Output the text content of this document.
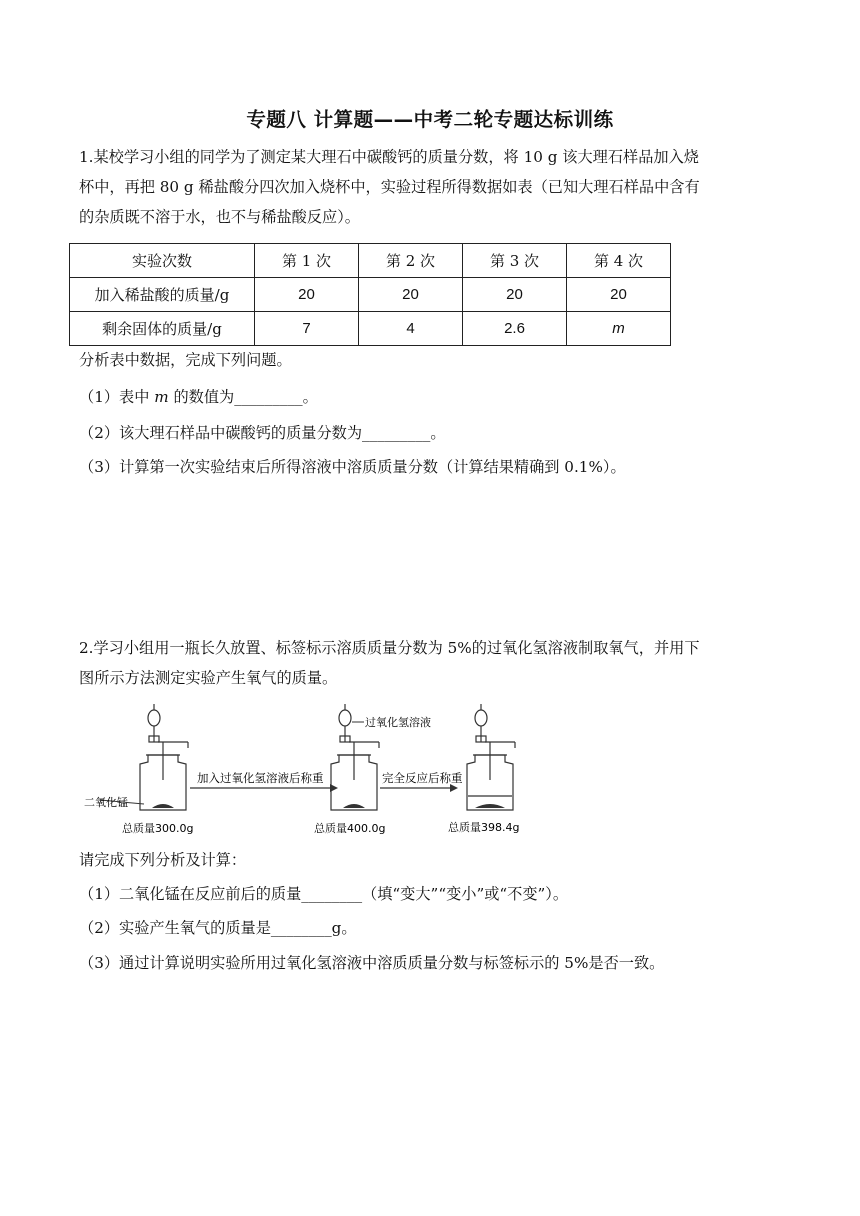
专题八 计算题——中考二轮专题达标训练
1.某校学习小组的同学为了测定某大理石中碳酸钙的质量分数，将 10 g 该大理石样品加入烧
杯中，再把 80 g 稀盐酸分四次加入烧杯中，实验过程所得数据如表（已知大理石样品中含有
的杂质既不溶于水，也不与稀盐酸反应）。
实验次数	第 1 次	第 2 次	第 3 次	第 4 次
加入稀盐酸的质量/g	20	20	20	20
剩余固体的质量/g	7	4	2.6	m
分析表中数据，完成下列问题。
（1）表中 m 的数值为_________。
（2）该大理石样品中碳酸钙的质量分数为_________。
（3）计算第一次实验结束后所得溶液中溶质质量分数（计算结果精确到 0.1%）。
2.学习小组用一瓶长久放置、标签标示溶质质量分数为 5%的过氧化氢溶液制取氧气，并用下
图所示方法测定实验产生氧气的质量。
二氧化锰
加入过氧化氢溶液后称重
过氧化氢溶液
完全反应后称重
总质量300.0g	总质量400.0g	总质量398.4g
请完成下列分析及计算：
（1）二氧化锰在反应前后的质量________（填“变大”“变小”或“不变”）。
（2）实验产生氧气的质量是________g。
（3）通过计算说明实验所用过氧化氢溶液中溶质质量分数与标签标示的 5%是否一致。
